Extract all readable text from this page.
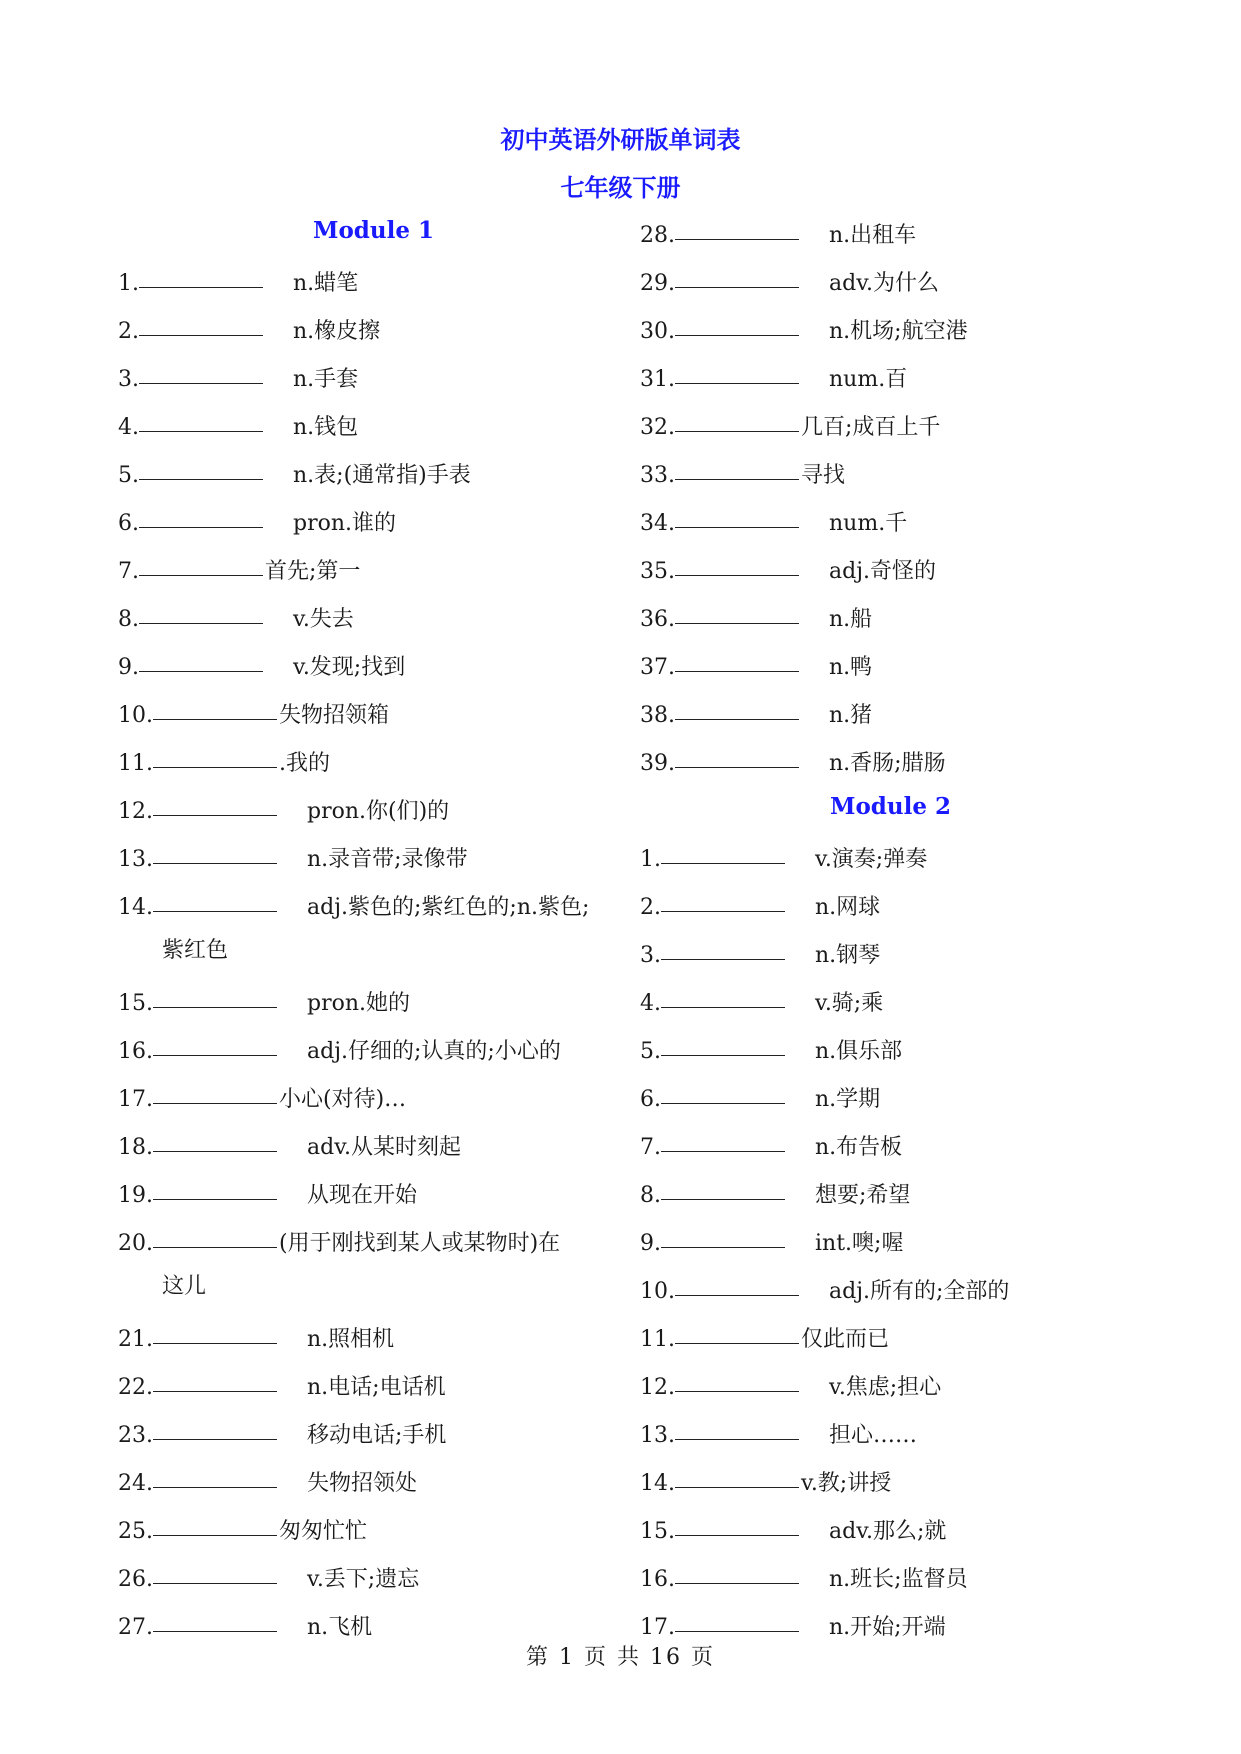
初中英语外研版单词表
七年级下册
Module 1
1.	n.蜡笔
2.	n.橡皮擦
3.	n.手套
4.	n.钱包
5.	n.表;(通常指)手表
6.	pron.谁的
7.	首先;第一
8.	v.失去
9.	v.发现;找到
10.	失物招领箱
11.	.我的
12.	pron.你(们)的
13.	n.录音带;录像带
14.	adj.紫色的;紫红色的;n.紫色;
紫红色
15.	pron.她的
16.	adj.仔细的;认真的;小心的
17.	小心(对待)…
18.	adv.从某时刻起
19.	从现在开始
20.	(用于刚找到某人或某物时)在
这儿
21.	n.照相机
22.	n.电话;电话机
23.	移动电话;手机
24.	失物招领处
25.	匆匆忙忙
26.	v.丢下;遗忘
27.	n.飞机
28.	n.出租车
29.	adv.为什么
30.	n.机场;航空港
31.	num.百
32.	几百;成百上千
33.	寻找
34.	num.千
35.	adj.奇怪的
36.	n.船
37.	n.鸭
38.	n.猪
39.	n.香肠;腊肠
Module 2
1.	v.演奏;弹奏
2.	n.网球
3.	n.钢琴
4.	v.骑;乘
5.	n.俱乐部
6.	n.学期
7.	n.布告板
8.	想要;希望
9.	int.噢;喔
10.	adj.所有的;全部的
11.	仅此而已
12.	v.焦虑;担心
13.	担心……
14.	v.教;讲授
15.	adv.那么;就
16.	n.班长;监督员
17.	n.开始;开端
第 1 页 共 16 页
